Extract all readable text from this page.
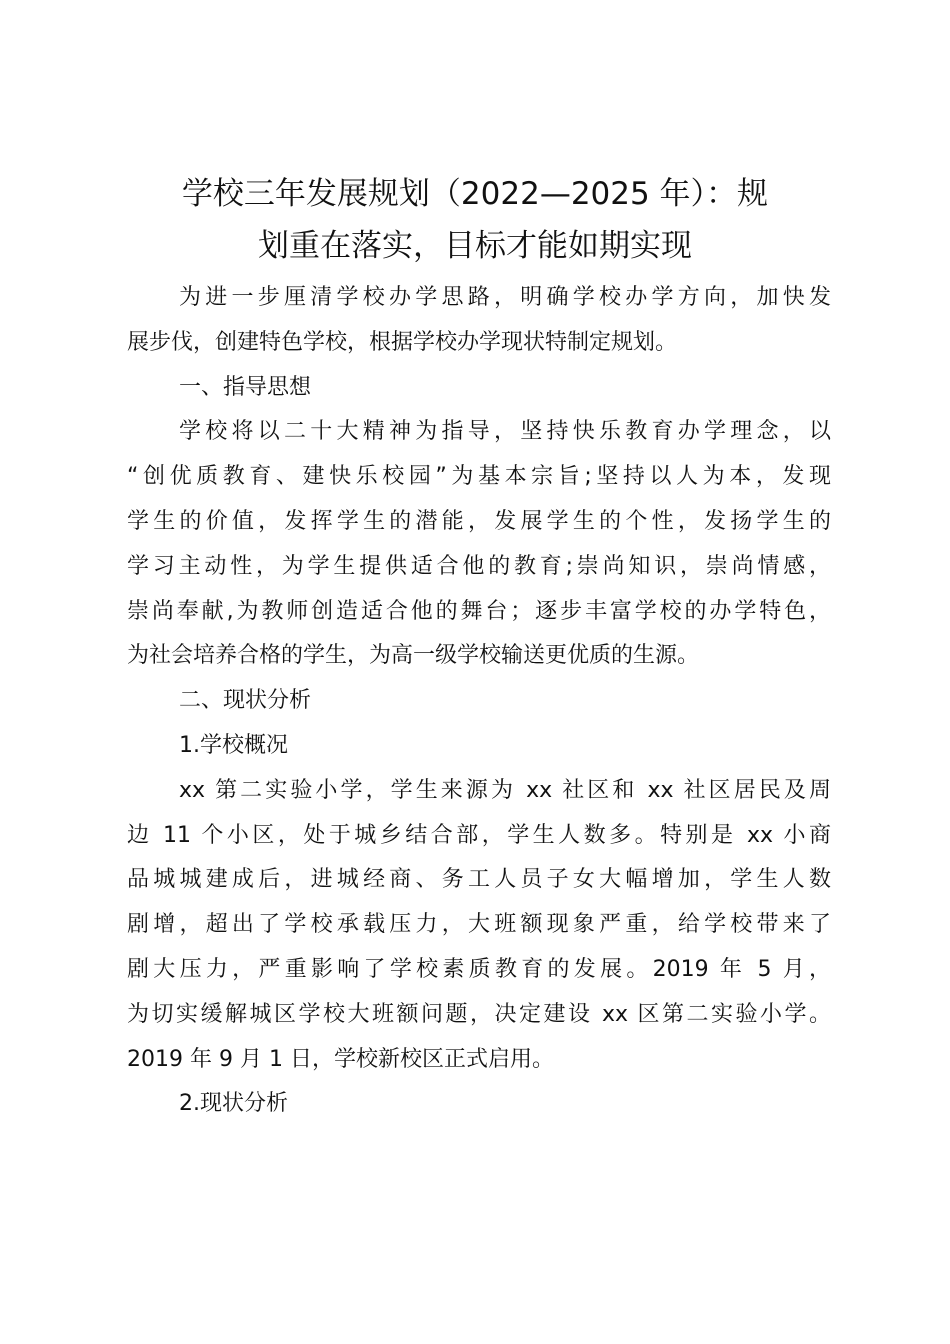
学校三年发展规划（2022—2025 年）：规
划重在落实，目标才能如期实现
为进一步厘清学校办学思路，明确学校办学方向，加快发
展步伐，创建特色学校，根据学校办学现状特制定规划。
一、指导思想
学校将以二十大精神为指导，坚持快乐教育办学理念，以
“创优质教育、建快乐校园”为基本宗旨;坚持以人为本，发现
学生的价值，发挥学生的潜能，发展学生的个性，发扬学生的
学习主动性，为学生提供适合他的教育;崇尚知识，崇尚情感，
崇尚奉献,为教师创造适合他的舞台；逐步丰富学校的办学特色，
为社会培养合格的学生，为高一级学校输送更优质的生源。
二、现状分析
1.学校概况
xx 第二实验小学，学生来源为 xx 社区和 xx 社区居民及周
边 11 个小区，处于城乡结合部，学生人数多。特别是 xx 小商
品城城建成后，进城经商、务工人员子女大幅增加，学生人数
剧增，超出了学校承载压力，大班额现象严重，给学校带来了
剧大压力，严重影响了学校素质教育的发展。2019 年 5 月，
为切实缓解城区学校大班额问题，决定建设 xx 区第二实验小学。
2019 年 9 月 1 日，学校新校区正式启用。
2.现状分析
